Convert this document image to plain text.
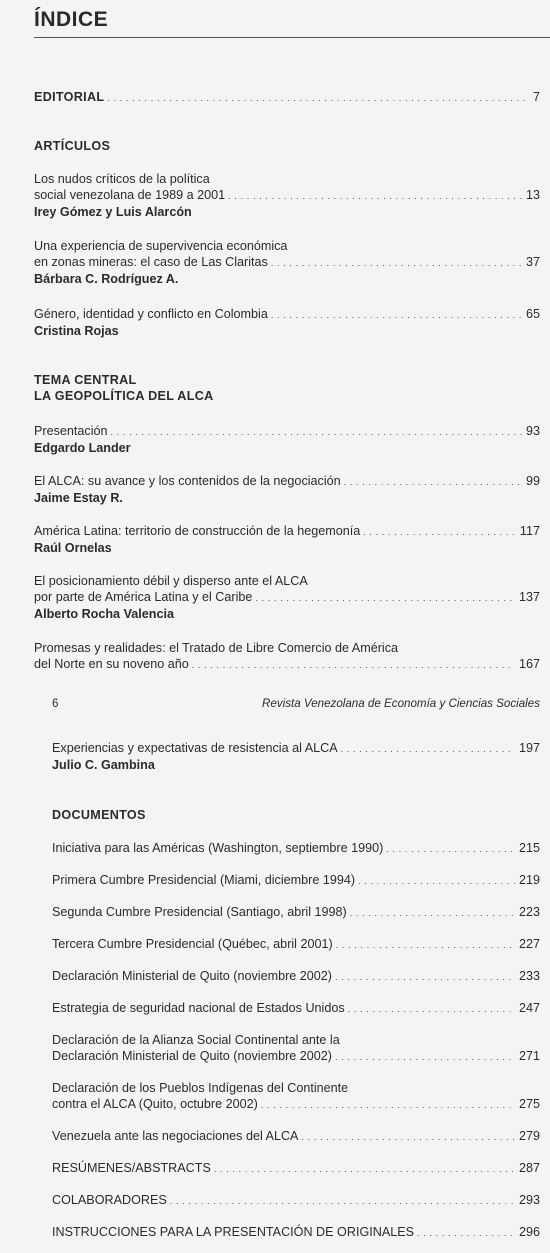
ÍNDICE
EDITORIAL . . .	7
ARTÍCULOS
Los nudos críticos de la política
social venezolana de 1989 a 2001 . . .	13
Irey Gómez y Luis Alarcón
Una experiencia de supervivencia económica
en zonas mineras: el caso de Las Claritas . . .	37
Bárbara C. Rodríguez A.
Género, identidad y conflicto en Colombia . . .	65
Cristina Rojas
TEMA CENTRAL
LA GEOPOLÍTICA DEL ALCA
Presentación . . .	93
Edgardo Lander
El ALCA: su avance y los contenidos de la negociación . . .	99
Jaime Estay R.
América Latina: territorio de construcción de la hegemonía . . .	117
Raúl Ornelas
El posicionamiento débil y disperso ante el ALCA
por parte de América Latina y el Caribe . . .	137
Alberto Rocha Valencia
Promesas y realidades: el Tratado de Libre Comercio de América
del Norte en su noveno año . . .	167
6	Revista Venezolana de Economía y Ciencias Sociales
Experiencias y expectativas de resistencia al ALCA . . .	197
Julio C. Gambina
DOCUMENTOS
Iniciativa para las Américas (Washington, septiembre 1990) . . .	215
Primera Cumbre Presidencial (Miami, diciembre 1994) . . .	219
Segunda Cumbre Presidencial (Santiago, abril 1998) . . .	223
Tercera Cumbre Presidencial (Québec, abril 2001) . . .	227
Declaración Ministerial de Quito (noviembre 2002) . . .	233
Estrategia de seguridad nacional de Estados Unidos . . .	247
Declaración de la Alianza Social Continental ante la
Declaración Ministerial de Quito (noviembre 2002) . . .	271
Declaración de los Pueblos Indígenas del Continente
contra el ALCA (Quito, octubre 2002) . . .	275
Venezuela ante las negociaciones del ALCA . . .	279
RESÚMENES/ABSTRACTS . . .	287
COLABORADORES . . .	293
INSTRUCCIONES PARA LA PRESENTACIÓN DE ORIGINALES . . .	296
